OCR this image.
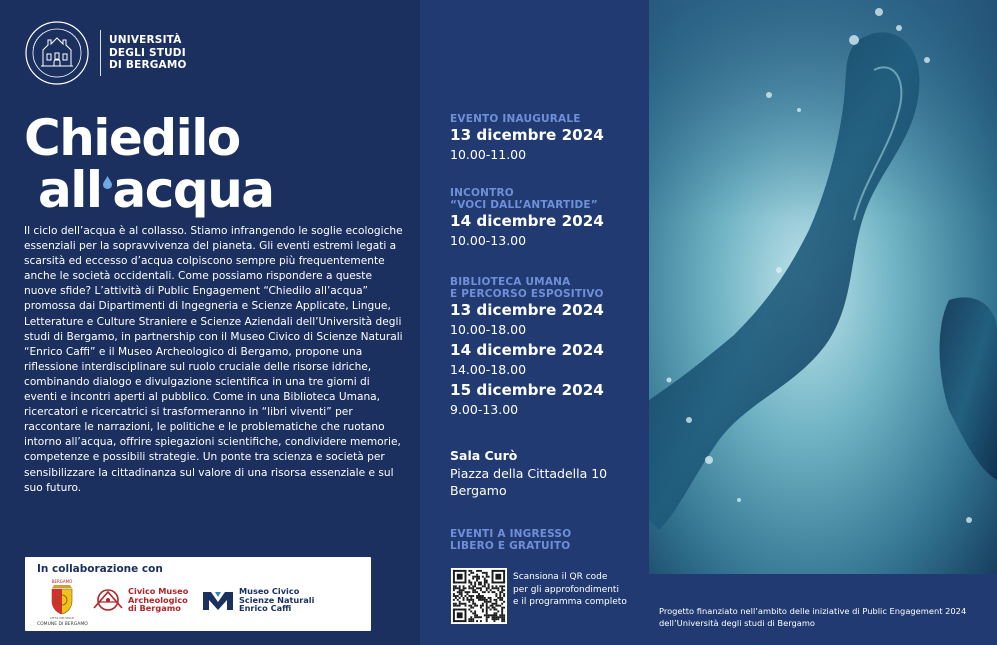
UNIVERSITÀ
DEGLI STUDI
DI BERGAMO
Chiedilo
all acqua
Il ciclo dell’acqua è al collasso. Stiamo infrangendo le soglie ecologiche essenziali per la sopravvivenza del pianeta. Gli eventi estremi legati a scarsità ed eccesso d’acqua colpiscono sempre più frequentemente anche le società occidentali. Come possiamo rispondere a queste nuove sfide? L’attività di Public Engagement “Chiedilo all’acqua” promossa dai Dipartimenti di Ingegneria e Scienze Applicate, Lingue, Letterature e Culture Straniere e Scienze Aziendali dell’Università degli studi di Bergamo, in partnership con il Museo Civico di Scienze Naturali “Enrico Caffi” e il Museo Archeologico di Bergamo, propone una riflessione interdisciplinare sul ruolo cruciale delle risorse idriche, combinando dialogo e divulgazione scientifica in una tre giorni di eventi e incontri aperti al pubblico. Come in una Biblioteca Umana, ricercatori e ricercatrici si trasformeranno in “libri viventi” per raccontare le narrazioni, le politiche e le problematiche che ruotano intorno all’acqua, offrire spiegazioni scientifiche, condividere memorie, competenze e possibili strategie. Un ponte tra scienza e società per sensibilizzare la cittadinanza sul valore di una risorsa essenziale e sul suo futuro.
In collaborazione con
BERGAMO
CITTÀ DEI MILLE
COMUNE DI BERGAMO
Civico Museo
Archeologico
di Bergamo
Museo Civico
Scienze Naturali
Enrico Caffi
EVENTO INAUGURALE
13 dicembre 2024
10.00-11.00
INCONTRO
“VOCI DALL’ANTARTIDE”
14 dicembre 2024
10.00-13.00
BIBLIOTECA UMANA
E PERCORSO ESPOSITIVO
13 dicembre 2024
10.00-18.00
14 dicembre 2024
14.00-18.00
15 dicembre 2024
9.00-13.00
Sala Curò
Piazza della Cittadella 10
Bergamo
EVENTI A INGRESSO
LIBERO E GRATUITO
Scansiona il QR code
per gli approfondimenti
e il programma completo
Progetto finanziato nell’ambito delle iniziative di Public Engagement 2024
dell’Università degli studi di Bergamo
